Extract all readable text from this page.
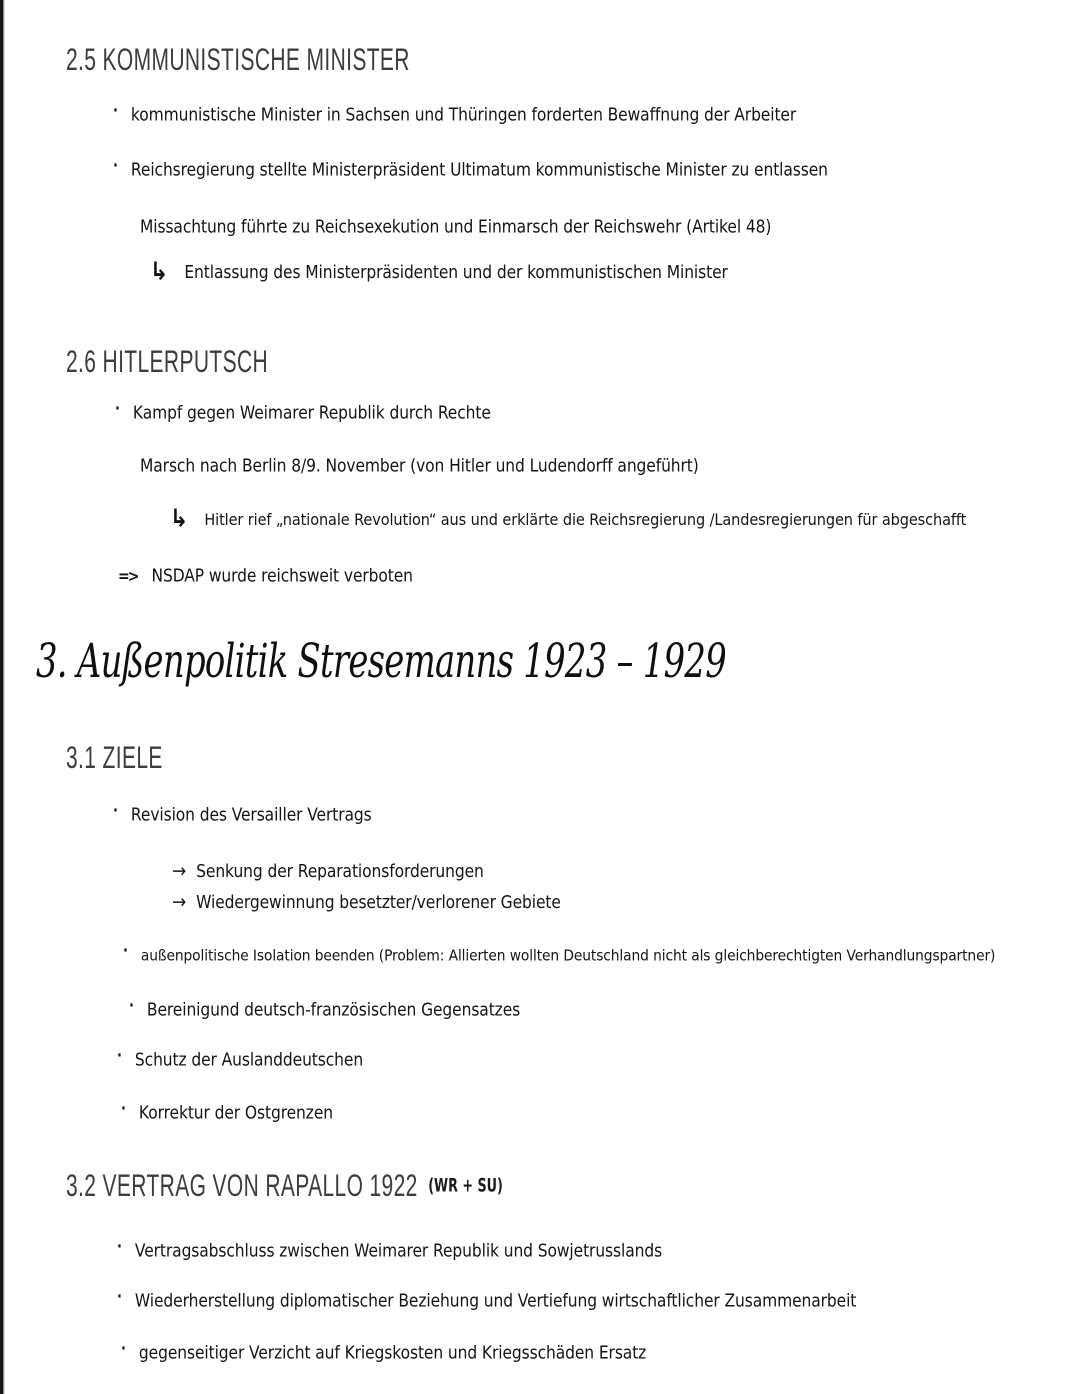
2.5 KOMMUNISTISCHE MINISTER
· kommunistische Minister in Sachsen und Thüringen forderten Bewaffnung der Arbeiter
· Reichsregierung stellte Ministerpräsident Ultimatum kommunistische Minister zu entlassen
Missachtung führte zu Reichsexekution und Einmarsch der Reichswehr (Artikel 48)
↳ Entlassung des Ministerpräsidenten und der kommunistischen Minister
2.6 HITLERPUTSCH
· Kampf gegen Weimarer Republik durch Rechte
Marsch nach Berlin 8/9. November (von Hitler und Ludendorff angeführt)
↳ Hitler rief „nationale Revolution“ aus und erklärte die Reichsregierung /Landesregierungen für abgeschafft
=> NSDAP wurde reichsweit verboten
3. Außenpolitik Stresemanns 1923 – 1929
3.1 ZIELE
· Revision des Versailler Vertrags
→ Senkung der Reparationsforderungen
→ Wiedergewinnung besetzter/verlorener Gebiete
· außenpolitische Isolation beenden (Problem: Allierten wollten Deutschland nicht als gleichberechtigten Verhandlungspartner)
· Bereinigund deutsch-französischen Gegensatzes
· Schutz der Auslanddeutschen
· Korrektur der Ostgrenzen
3.2 VERTRAG VON RAPALLO 1922 (WR + SU)
· Vertragsabschluss zwischen Weimarer Republik und Sowjetrusslands
· Wiederherstellung diplomatischer Beziehung und Vertiefung wirtschaftlicher Zusammenarbeit
· gegenseitiger Verzicht auf Kriegskosten und Kriegsschäden Ersatz
